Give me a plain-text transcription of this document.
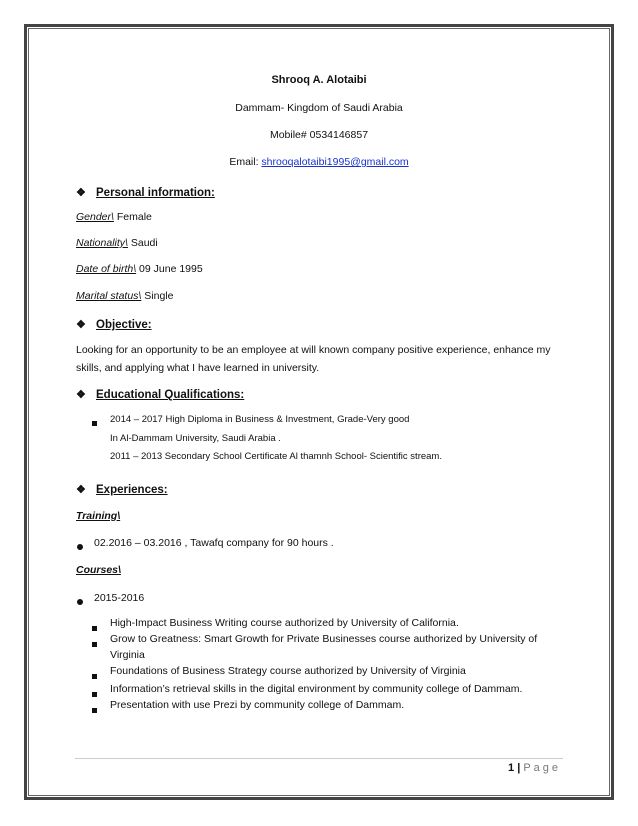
Shrooq A. Alotaibi
Dammam- Kingdom of Saudi Arabia
Mobile# 0534146857
Email: shrooqalotaibi1995@gmail.com
❖ Personal information:
Gender\ Female
Nationality\ Saudi
Date of birth\ 09 June 1995
Marital status\ Single
❖ Objective:
Looking for an opportunity to be an employee at will known company positive experience, enhance my
skills, and applying what I have learned in university.
❖ Educational Qualifications:
2014 – 2017 High Diploma in Business & Investment, Grade-Very good
In Al-Dammam University, Saudi Arabia .
2011 – 2013 Secondary School Certificate Al thamnh School- Scientific stream.
❖ Experiences:
Training\
02.2016 – 03.2016 , Tawafq company for 90 hours .
Courses\
2015-2016
High-Impact Business Writing course authorized by University of California.
Grow to Greatness: Smart Growth for Private Businesses course authorized by University of
Virginia
Foundations of Business Strategy course authorized by University of Virginia
Information’s retrieval skills in the digital environment by community college of Dammam.
Presentation with use Prezi by community college of Dammam.
1 | Page
